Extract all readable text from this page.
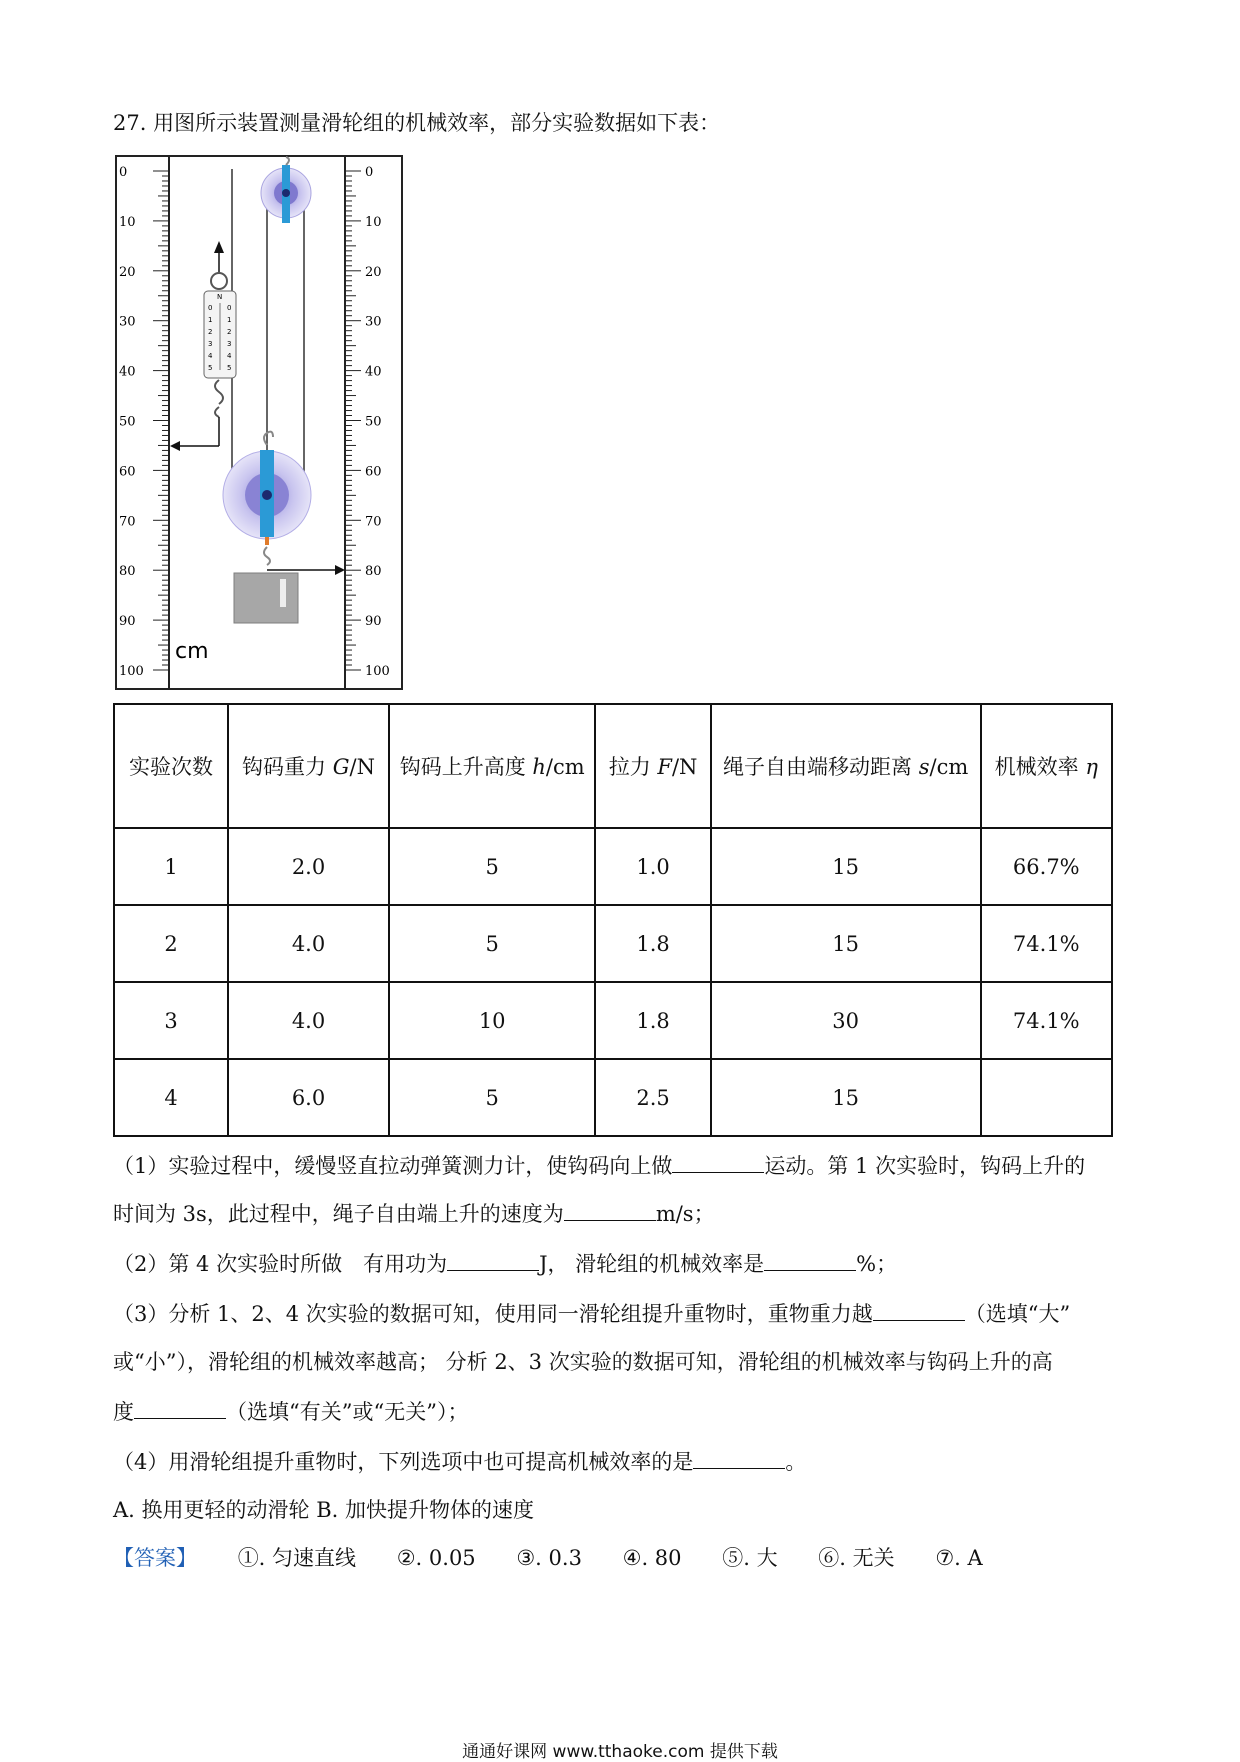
27. 用图所示装置测量滑轮组的机械效率，部分实验数据如下表：
0	0
10	10
20	20
30	30
40	40
50	50
60	60
70	70
80	80
90	90
100	100
cm
N
0 0
1 1
2 2
3 3
4 4
5 5
实验次数	钩码重力 G/N	钩码上升高度 h/cm	拉力 F/N	绳子自由端移动距离 s/cm	机械效率 η
1	2.0	5	1.0	15	66.7%
2	4.0	5	1.8	15	74.1%
3	4.0	10	1.8	30	74.1%
4	6.0	5	2.5	15	
（1）实验过程中，缓慢竖直拉动弹簧测力计，使钩码向上做	运动。第 1 次实验时，钩码上升的
时间为 3s，此过程中，绳子自由端上升的速度为	m/s；
（2）第 4 次实验时所做　有用功为	J， 滑轮组的机械效率是	%；
（3）分析 1、2、4 次实验的数据可知，使用同一滑轮组提升重物时，重物重力越	（选填“大”
或“小”），滑轮组的机械效率越高； 分析 2、3 次实验的数据可知，滑轮组的机械效率与钩码上升的高
度	（选填“有关”或“无关”）；
（4）用滑轮组提升重物时，下列选项中也可提高机械效率的是	。
A. 换用更轻的动滑轮 B. 加快提升物体的速度
【答案】 ①. 匀速直线 ②. 0.05 ③. 0.3 ④. 80 ⑤. 大 ⑥. 无关 ⑦. A
通通好课网 www.tthaoke.com 提供下载
